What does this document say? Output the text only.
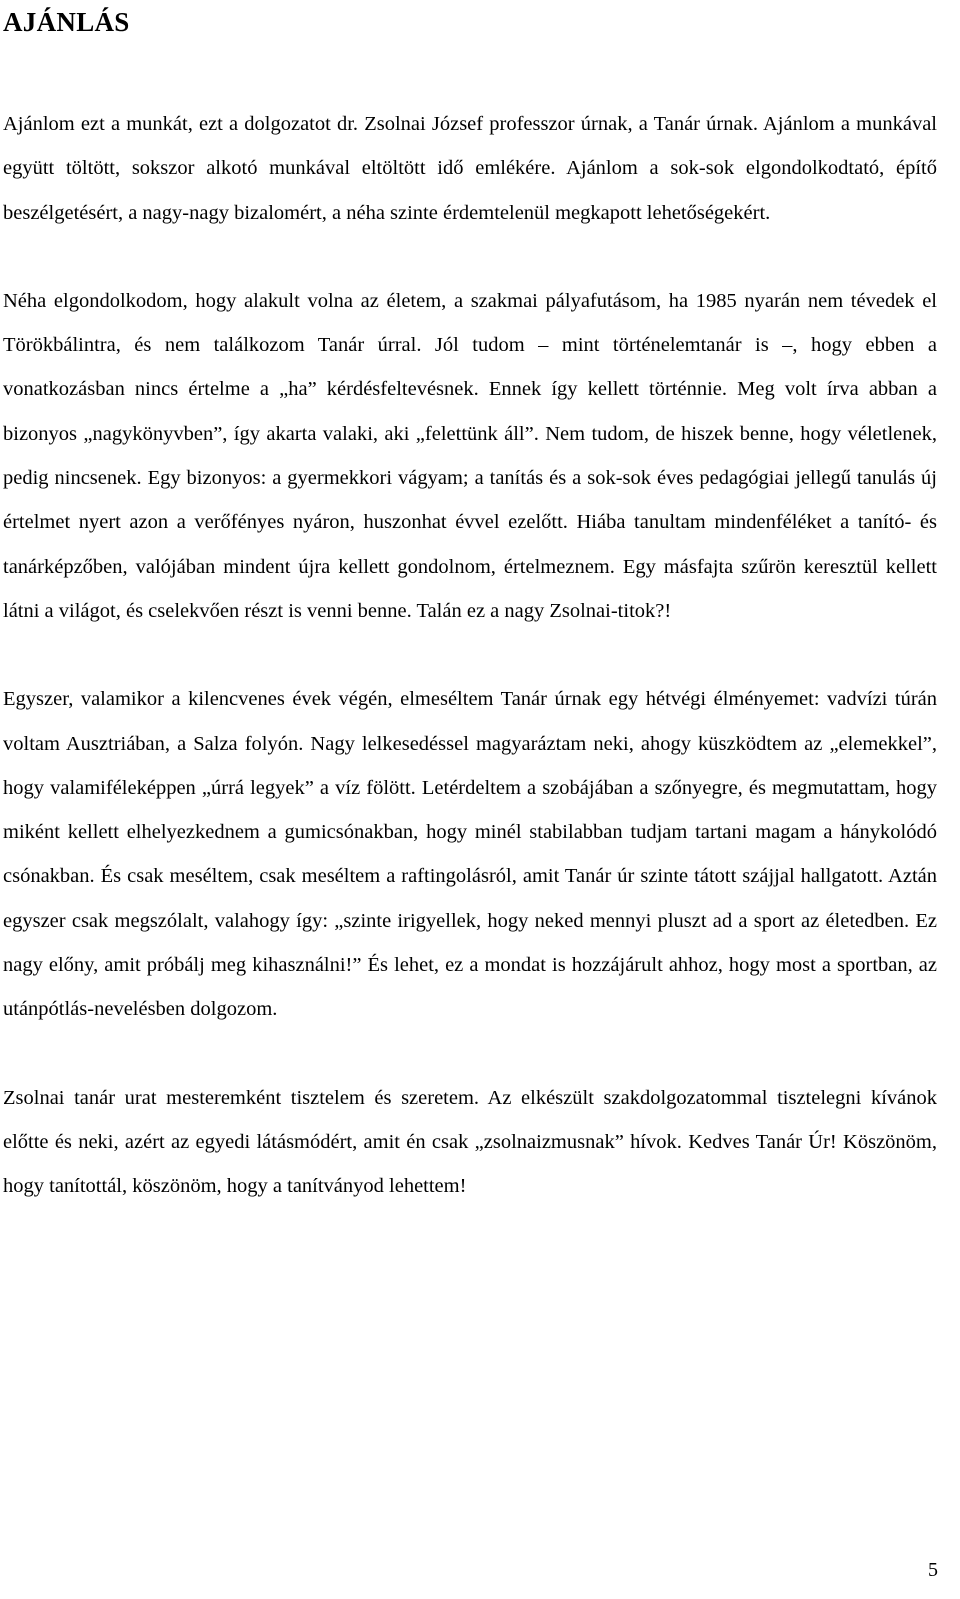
AJÁNLÁS

Ajánlom ezt a munkát, ezt a dolgozatot dr. Zsolnai József professzor úrnak, a Tanár úrnak. Ajánlom a munkával együtt töltött, sokszor alkotó munkával eltöltött idő emlékére. Ajánlom a sok-sok elgondolkodtató, építő beszélgetésért, a nagy-nagy bizalomért, a néha szinte érdemtelenül megkapott lehetőségekért.

Néha elgondolkodom, hogy alakult volna az életem, a szakmai pályafutásom, ha 1985 nyarán nem tévedek el Törökbálintra, és nem találkozom Tanár úrral. Jól tudom – mint történelemtanár is –, hogy ebben a vonatkozásban nincs értelme a „ha” kérdésfeltevésnek. Ennek így kellett történnie. Meg volt írva abban a bizonyos „nagykönyvben”, így akarta valaki, aki „felettünk áll”. Nem tudom, de hiszek benne, hogy véletlenek, pedig nincsenek. Egy bizonyos: a gyermekkori vágyam; a tanítás és a sok-sok éves pedagógiai jellegű tanulás új értelmet nyert azon a verőfényes nyáron, huszonhat évvel ezelőtt. Hiába tanultam mindenféléket a tanító- és tanárképzőben, valójában mindent újra kellett gondolnom, értelmeznem. Egy másfajta szűrön keresztül kellett látni a világot, és cselekvően részt is venni benne. Talán ez a nagy Zsolnai-titok?!

Egyszer, valamikor a kilencvenes évek végén, elmeséltem Tanár úrnak egy hétvégi élményemet: vadvízi túrán voltam Ausztriában, a Salza folyón. Nagy lelkesedéssel magyaráztam neki, ahogy küszködtem az „elemekkel”, hogy valamiféleképpen „úrrá legyek” a víz fölött. Letérdeltem a szobájában a szőnyegre, és megmutattam, hogy miként kellett elhelyezkednem a gumicsónakban, hogy minél stabilabban tudjam tartani magam a hánykolódó csónakban. És csak meséltem, csak meséltem a raftingolásról, amit Tanár úr szinte tátott szájjal hallgatott. Aztán egyszer csak megszólalt, valahogy így: „szinte irigyellek, hogy neked mennyi pluszt ad a sport az életedben. Ez nagy előny, amit próbálj meg kihasználni!” És lehet, ez a mondat is hozzájárult ahhoz, hogy most a sportban, az utánpótlás-nevelésben dolgozom.

Zsolnai tanár urat mesteremként tisztelem és szeretem. Az elkészült szakdolgozatommal tisztelegni kívánok előtte és neki, azért az egyedi látásmódért, amit én csak „zsolnaizmusnak” hívok. Kedves Tanár Úr! Köszönöm, hogy tanítottál, köszönöm, hogy a tanítványod lehettem!

5
